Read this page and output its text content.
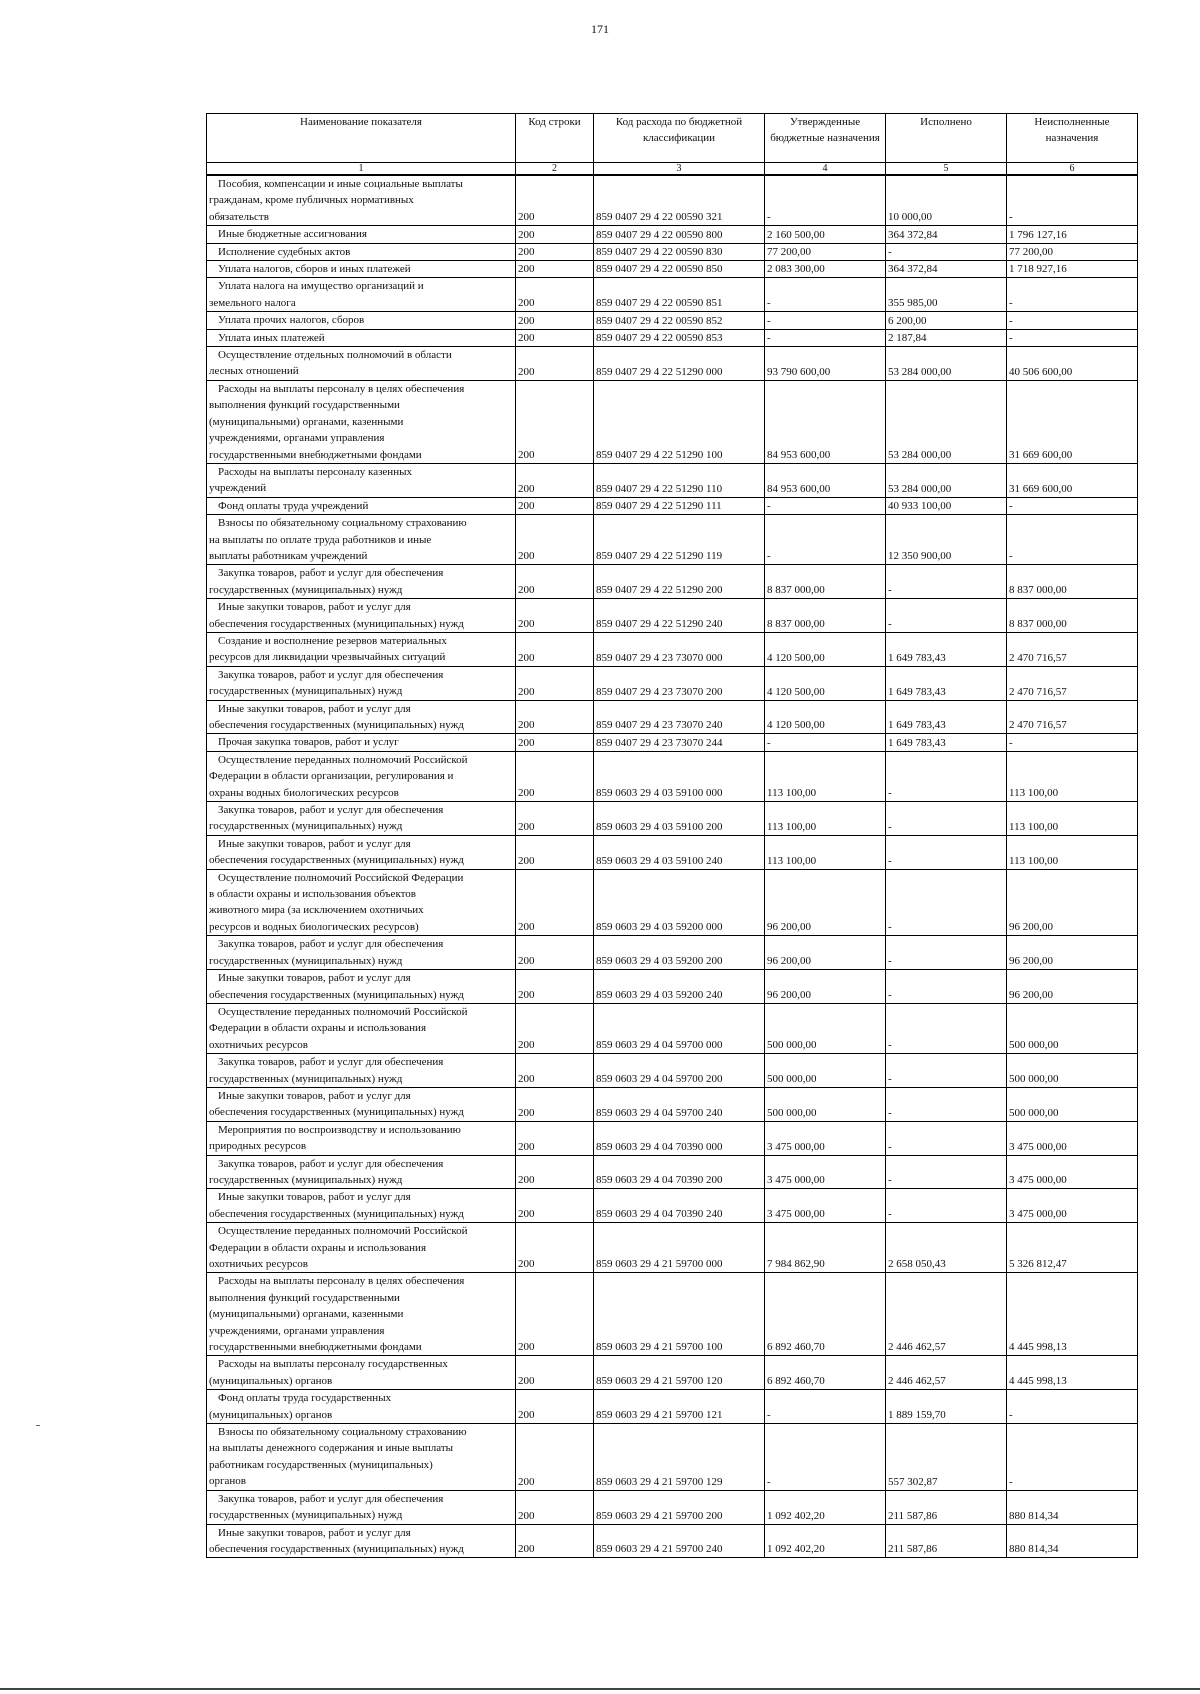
171
Наименование показателя	Код строки	Код расхода по бюджетной классификации	Утвержденные бюджетные назначения	Исполнено	Неисполненные назначения
1	2	3	4	5	6
Пособия, компенсации и иные социальные выплаты
гражданам, кроме публичных нормативных
обязательств	200	859 0407 29 4 22 00590 321	-	10 000,00	-
Иные бюджетные ассигнования	200	859 0407 29 4 22 00590 800	2 160 500,00	364 372,84	1 796 127,16
Исполнение судебных актов	200	859 0407 29 4 22 00590 830	77 200,00	-	77 200,00
Уплата налогов, сборов и иных платежей	200	859 0407 29 4 22 00590 850	2 083 300,00	364 372,84	1 718 927,16
Уплата налога на имущество организаций и
земельного налога	200	859 0407 29 4 22 00590 851	-	355 985,00	-
Уплата прочих налогов, сборов	200	859 0407 29 4 22 00590 852	-	6 200,00	-
Уплата иных платежей	200	859 0407 29 4 22 00590 853	-	2 187,84	-
Осуществление отдельных полномочий в области
лесных отношений	200	859 0407 29 4 22 51290 000	93 790 600,00	53 284 000,00	40 506 600,00
Расходы на выплаты персоналу в целях обеспечения
выполнения функций государственными
(муниципальными) органами, казенными
учреждениями, органами управления
государственными внебюджетными фондами	200	859 0407 29 4 22 51290 100	84 953 600,00	53 284 000,00	31 669 600,00
Расходы на выплаты персоналу казенных
учреждений	200	859 0407 29 4 22 51290 110	84 953 600,00	53 284 000,00	31 669 600,00
Фонд оплаты труда учреждений	200	859 0407 29 4 22 51290 111	-	40 933 100,00	-
Взносы по обязательному социальному страхованию
на выплаты по оплате труда работников и иные
выплаты работникам учреждений	200	859 0407 29 4 22 51290 119	-	12 350 900,00	-
Закупка товаров, работ и услуг для обеспечения
государственных (муниципальных) нужд	200	859 0407 29 4 22 51290 200	8 837 000,00	-	8 837 000,00
Иные закупки товаров, работ и услуг для
обеспечения государственных (муниципальных) нужд	200	859 0407 29 4 22 51290 240	8 837 000,00	-	8 837 000,00
Создание и восполнение резервов материальных
ресурсов для ликвидации чрезвычайных ситуаций	200	859 0407 29 4 23 73070 000	4 120 500,00	1 649 783,43	2 470 716,57
Закупка товаров, работ и услуг для обеспечения
государственных (муниципальных) нужд	200	859 0407 29 4 23 73070 200	4 120 500,00	1 649 783,43	2 470 716,57
Иные закупки товаров, работ и услуг для
обеспечения государственных (муниципальных) нужд	200	859 0407 29 4 23 73070 240	4 120 500,00	1 649 783,43	2 470 716,57
Прочая закупка товаров, работ и услуг	200	859 0407 29 4 23 73070 244	-	1 649 783,43	-
Осуществление переданных полномочий Российской
Федерации в области организации, регулирования и
охраны водных биологических ресурсов	200	859 0603 29 4 03 59100 000	113 100,00	-	113 100,00
Закупка товаров, работ и услуг для обеспечения
государственных (муниципальных) нужд	200	859 0603 29 4 03 59100 200	113 100,00	-	113 100,00
Иные закупки товаров, работ и услуг для
обеспечения государственных (муниципальных) нужд	200	859 0603 29 4 03 59100 240	113 100,00	-	113 100,00
Осуществление полномочий Российской Федерации
в области охраны и использования объектов
животного мира (за исключением охотничьих
ресурсов и водных биологических ресурсов)	200	859 0603 29 4 03 59200 000	96 200,00	-	96 200,00
Закупка товаров, работ и услуг для обеспечения
государственных (муниципальных) нужд	200	859 0603 29 4 03 59200 200	96 200,00	-	96 200,00
Иные закупки товаров, работ и услуг для
обеспечения государственных (муниципальных) нужд	200	859 0603 29 4 03 59200 240	96 200,00	-	96 200,00
Осуществление переданных полномочий Российской
Федерации в области охраны и использования
охотничьих ресурсов	200	859 0603 29 4 04 59700 000	500 000,00	-	500 000,00
Закупка товаров, работ и услуг для обеспечения
государственных (муниципальных) нужд	200	859 0603 29 4 04 59700 200	500 000,00	-	500 000,00
Иные закупки товаров, работ и услуг для
обеспечения государственных (муниципальных) нужд	200	859 0603 29 4 04 59700 240	500 000,00	-	500 000,00
Мероприятия по воспроизводству и использованию
природных ресурсов	200	859 0603 29 4 04 70390 000	3 475 000,00	-	3 475 000,00
Закупка товаров, работ и услуг для обеспечения
государственных (муниципальных) нужд	200	859 0603 29 4 04 70390 200	3 475 000,00	-	3 475 000,00
Иные закупки товаров, работ и услуг для
обеспечения государственных (муниципальных) нужд	200	859 0603 29 4 04 70390 240	3 475 000,00	-	3 475 000,00
Осуществление переданных полномочий Российской
Федерации в области охраны и использования
охотничьих ресурсов	200	859 0603 29 4 21 59700 000	7 984 862,90	2 658 050,43	5 326 812,47
Расходы на выплаты персоналу в целях обеспечения
выполнения функций государственными
(муниципальными) органами, казенными
учреждениями, органами управления
государственными внебюджетными фондами	200	859 0603 29 4 21 59700 100	6 892 460,70	2 446 462,57	4 445 998,13
Расходы на выплаты персоналу государственных
(муниципальных) органов	200	859 0603 29 4 21 59700 120	6 892 460,70	2 446 462,57	4 445 998,13
Фонд оплаты труда государственных
(муниципальных) органов	200	859 0603 29 4 21 59700 121	-	1 889 159,70	-
Взносы по обязательному социальному страхованию
на выплаты денежного содержания и иные выплаты
работникам государственных (муниципальных)
органов	200	859 0603 29 4 21 59700 129	-	557 302,87	-
Закупка товаров, работ и услуг для обеспечения
государственных (муниципальных) нужд	200	859 0603 29 4 21 59700 200	1 092 402,20	211 587,86	880 814,34
Иные закупки товаров, работ и услуг для
обеспечения государственных (муниципальных) нужд	200	859 0603 29 4 21 59700 240	1 092 402,20	211 587,86	880 814,34
